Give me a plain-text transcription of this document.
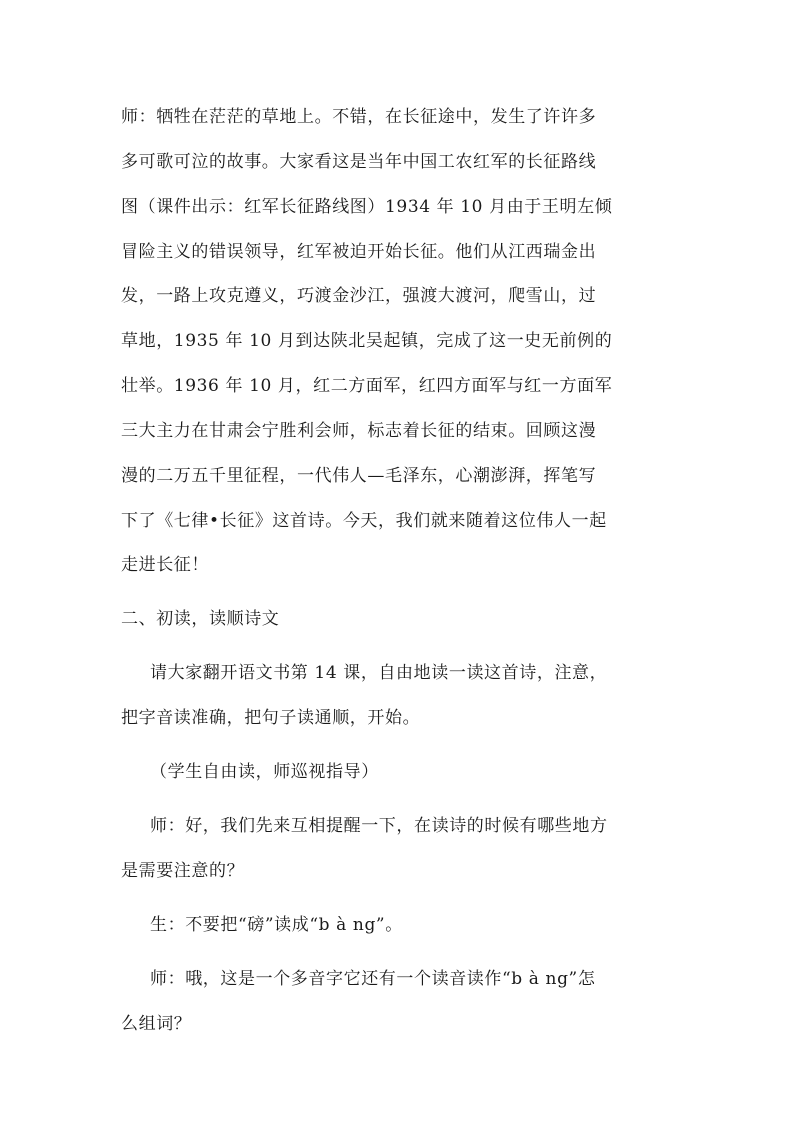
师：牺牲在茫茫的草地上。不错，在长征途中，发生了许许多
多可歌可泣的故事。大家看这是当年中国工农红军的长征路线
图（课件出示：红军长征路线图）1934 年 10 月由于王明左倾
冒险主义的错误领导，红军被迫开始长征。他们从江西瑞金出
发，一路上攻克遵义，巧渡金沙江，强渡大渡河，爬雪山，过
草地，1935 年 10 月到达陕北吴起镇，完成了这一史无前例的
壮举。1936 年 10 月，红二方面军，红四方面军与红一方面军
三大主力在甘肃会宁胜利会师，标志着长征的结束。回顾这漫
漫的二万五千里征程，一代伟人—毛泽东，心潮澎湃，挥笔写
下了《七律•长征》这首诗。今天，我们就来随着这位伟人一起
走进长征！
二、初读，读顺诗文
请大家翻开语文书第 14 课，自由地读一读这首诗，注意，
把字音读准确，把句子读通顺，开始。
（学生自由读，师巡视指导）
师：好，我们先来互相提醒一下，在读诗的时候有哪些地方
是需要注意的？
生：不要把“磅”读成“b à ng”。
师：哦，这是一个多音字它还有一个读音读作“b à ng”怎
么组词？
